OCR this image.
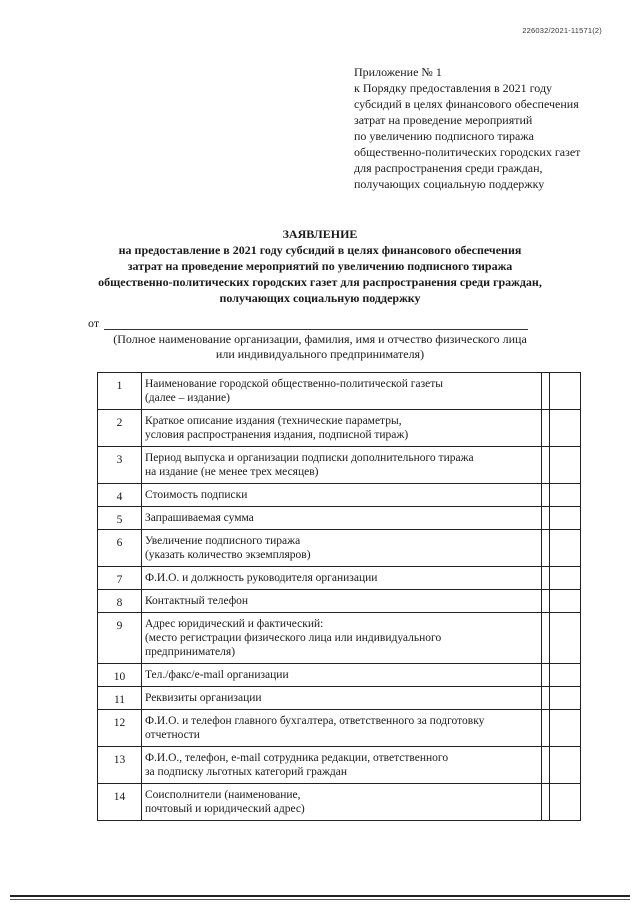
226032/2021-11571(2)
Приложение № 1
к Порядку предоставления в 2021 году
субсидий в целях финансового обеспечения
затрат на проведение мероприятий
по увеличению подписного тиража
общественно-политических городских газет
для распространения среди граждан,
получающих социальную поддержку
ЗАЯВЛЕНИЕ
на предоставление в 2021 году субсидий в целях финансового обеспечения
затрат на проведение мероприятий по увеличению подписного тиража
общественно-политических городских газет для распространения среди граждан,
получающих социальную поддержку
от
(Полное наименование организации, фамилия, имя и отчество физического лица
или индивидуального предпринимателя)
1	Наименование городской общественно-политической газеты
(далее – издание)		

2	Краткое описание издания (технические параметры,
условия распространения издания, подписной тираж)		

3	Период выпуска и организации подписки дополнительного тиража
на издание (не менее трех месяцев)		

4	Стоимость подписки		

5	Запрашиваемая сумма		

6	Увеличение подписного тиража
(указать количество экземпляров)		

7	Ф.И.О. и должность руководителя организации		

8	Контактный телефон		

9	Адрес юридический и фактический:
(место регистрации физического лица или индивидуального
предпринимателя)		

10	Тел./факс/e-mail организации		

11	Реквизиты организации		

12	Ф.И.О. и телефон главного бухгалтера, ответственного за подготовку
отчетности		

13	Ф.И.О., телефон, e-mail сотрудника редакции, ответственного
за подписку льготных категорий граждан		

14	Соисполнители (наименование,
почтовый и юридический адрес)		
